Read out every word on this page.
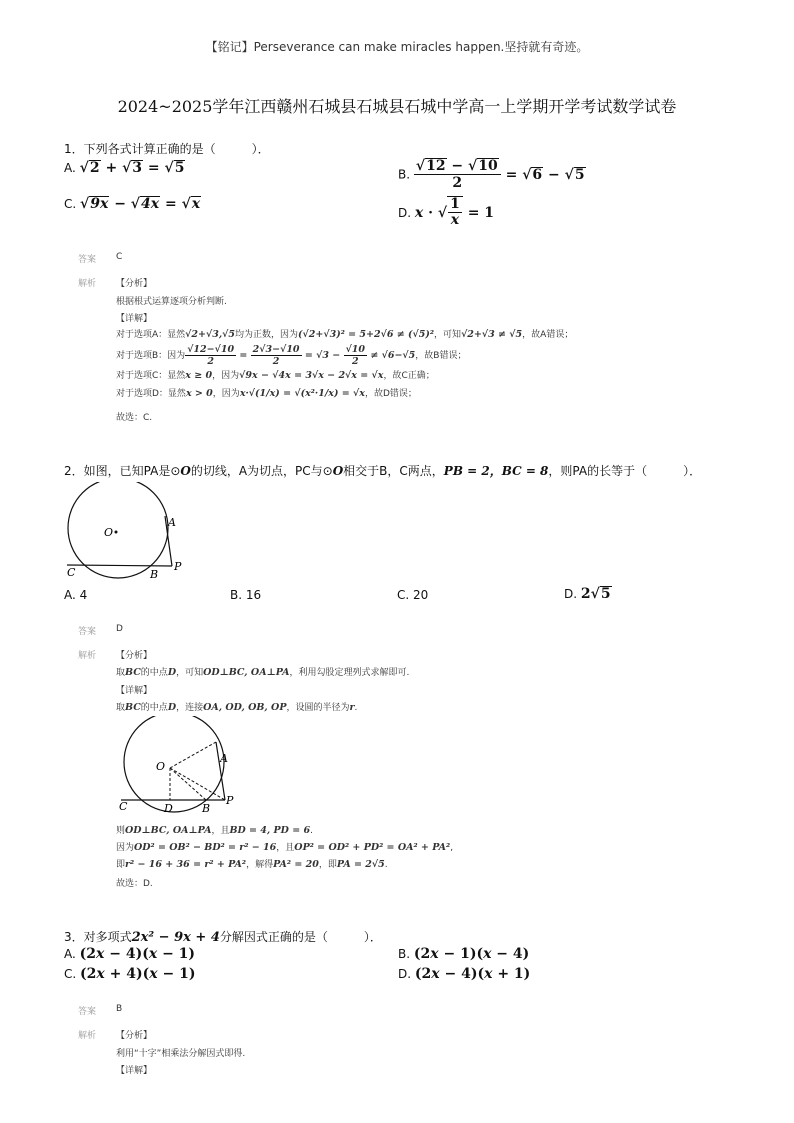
【铭记】Perseverance can make miracles happen.坚持就有奇迹。
2024~2025学年江西赣州石城县石城县石城中学高一上学期开学考试数学试卷
1．下列各式计算正确的是（　　　）．
A. √2 + √3 = √5	B. $\frac{√12 - √10}{2} = √6 - √5$
C. √9x − √4x = √x
D. x · √ $\frac{1}{x} = 1$
答案 C
解析 【分析】
根据根式运算逐项分析判断.
【详解】
对于选项A：显然√2+√3,√5均为正数，因为(√2+√3)² = 5+2√6 ≠ (√5)²，可知√2+√3 ≠ √5，故A错误；
对于选项B：因为 $\frac{√12-√10}{2} = \frac{2√3-√10}{2} = √3 - \frac{√10}{2} \ne √6-√5$，故B错误；
对于选项C：显然x ≥ 0，因为√9x − √4x = 3√x − 2√x = √x，故C正确；
对于选项D：显然x > 0，因为x·√(1/x) = √(x²·1/x) = √x，故D错误；
故选：C.
2．如图，已知PA是⊙O的切线，A为切点，PC与⊙O相交于B，C两点，PB = 2，BC = 8，则PA的长等于（　　　）．
O
A
C	B
P
A. 4	B. 16	C. 20	D. 2√5
答案 D
解析 【分析】
取BC的中点D，可知OD⊥BC, OA⊥PA，利用勾股定理列式求解即可.
【详解】
取BC的中点D，连接OA, OD, OB, OP，设圆的半径为r.
O
A
C	D	B
P
则OD⊥BC, OA⊥PA，且BD = 4, PD = 6.
因为OD² = OB² − BD² = r² − 16，且OP² = OD² + PD² = OA² + PA²,
即r² − 16 + 36 = r² + PA²，解得PA² = 20，即PA = 2√5.
故选：D.
3．对多项式2x² − 9x + 4分解因式正确的是（　　　）．
A. (2x − 4)(x − 1)	B. (2x − 1)(x − 4)
C. (2x + 4)(x − 1)	D. (2x − 4)(x + 1)
答案 B
解析 【分析】
利用“十字”相乘法分解因式即得.
【详解】
